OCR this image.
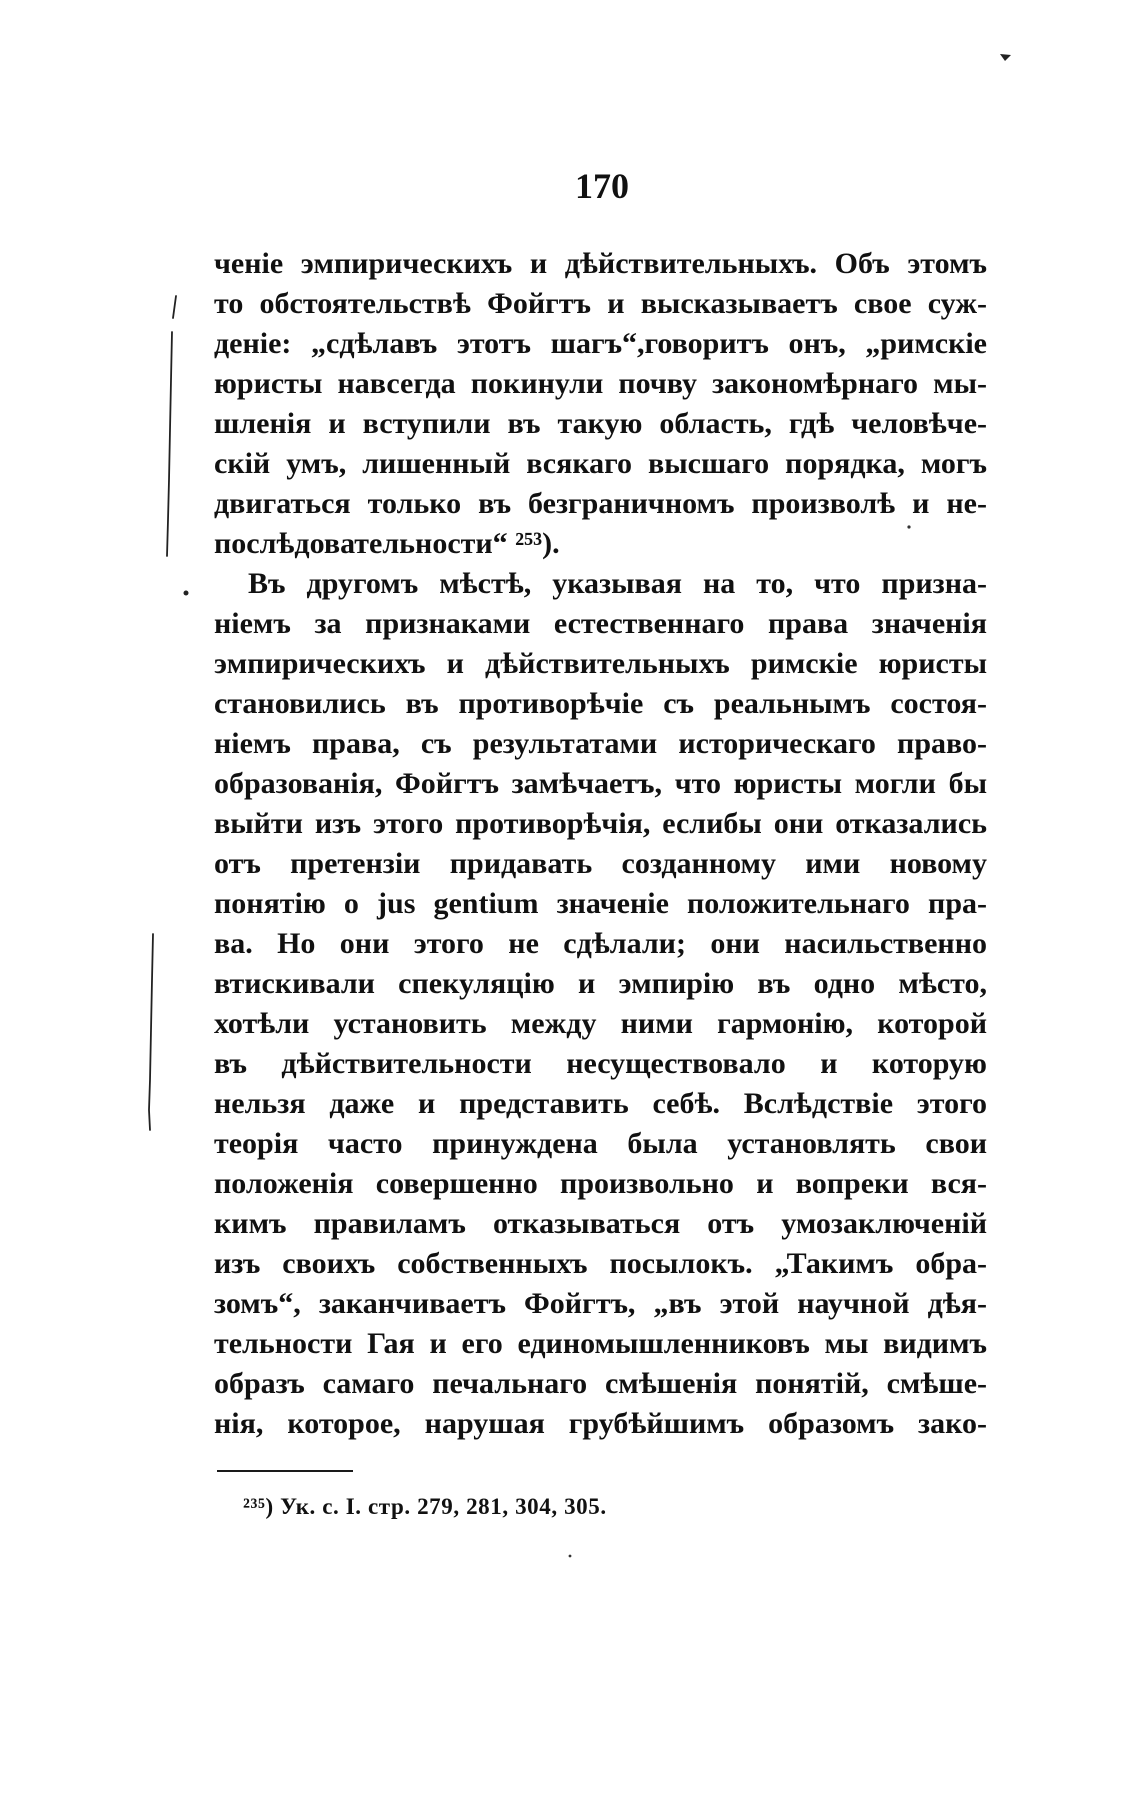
170
ченіе эмпирическихъ и дѣйствительныхъ. Объ этомъ
то обстоятельствѣ Фойгтъ и высказываетъ свое суж-
деніе: „сдѣлавъ этотъ шагъ“,говоритъ онъ, „римскіе
юристы навсегда покинули почву закономѣрнаго мы-
шленія и вступили въ такую область, гдѣ человѣче-
скій умъ, лишенный всякаго высшаго порядка, могъ
двигаться только въ безграничномъ произволѣ и не-
послѣдовательности“ ²⁵³).
Въ другомъ мѣстѣ, указывая на то, что призна-
ніемъ за признаками естественнаго права значенія
эмпирическихъ и дѣйствительныхъ римскіе юристы
становились въ противорѣчіе съ реальнымъ состоя-
ніемъ права, съ результатами историческаго право-
образованія, Фойгтъ замѣчаетъ, что юристы могли бы
выйти изъ этого противорѣчія, еслибы они отказались
отъ претензіи придавать созданному ими новому
понятію о jus gentium значеніе положительнаго пра-
ва. Но они этого не сдѣлали; они насильственно
втискивали спекуляцію и эмпирію въ одно мѣсто,
хотѣли установить между ними гармонію, которой
въ дѣйствительности несуществовало и которую
нельзя даже и представить себѣ. Вслѣдствіе этого
теорія часто принуждена была установлять свои
положенія совершенно произвольно и вопреки вся-
кимъ правиламъ отказываться отъ умозаключеній
изъ своихъ собственныхъ посылокъ. „Такимъ обра-
зомъ“, заканчиваетъ Фойгтъ, „въ этой научной дѣя-
тельности Гая и его единомышленниковъ мы видимъ
образъ самаго печальнаго смѣшенія понятій, смѣше-
нія, которое, нарушая грубѣйшимъ образомъ зако-
²³⁵) Ук. с. I. стр. 279, 281, 304, 305.
